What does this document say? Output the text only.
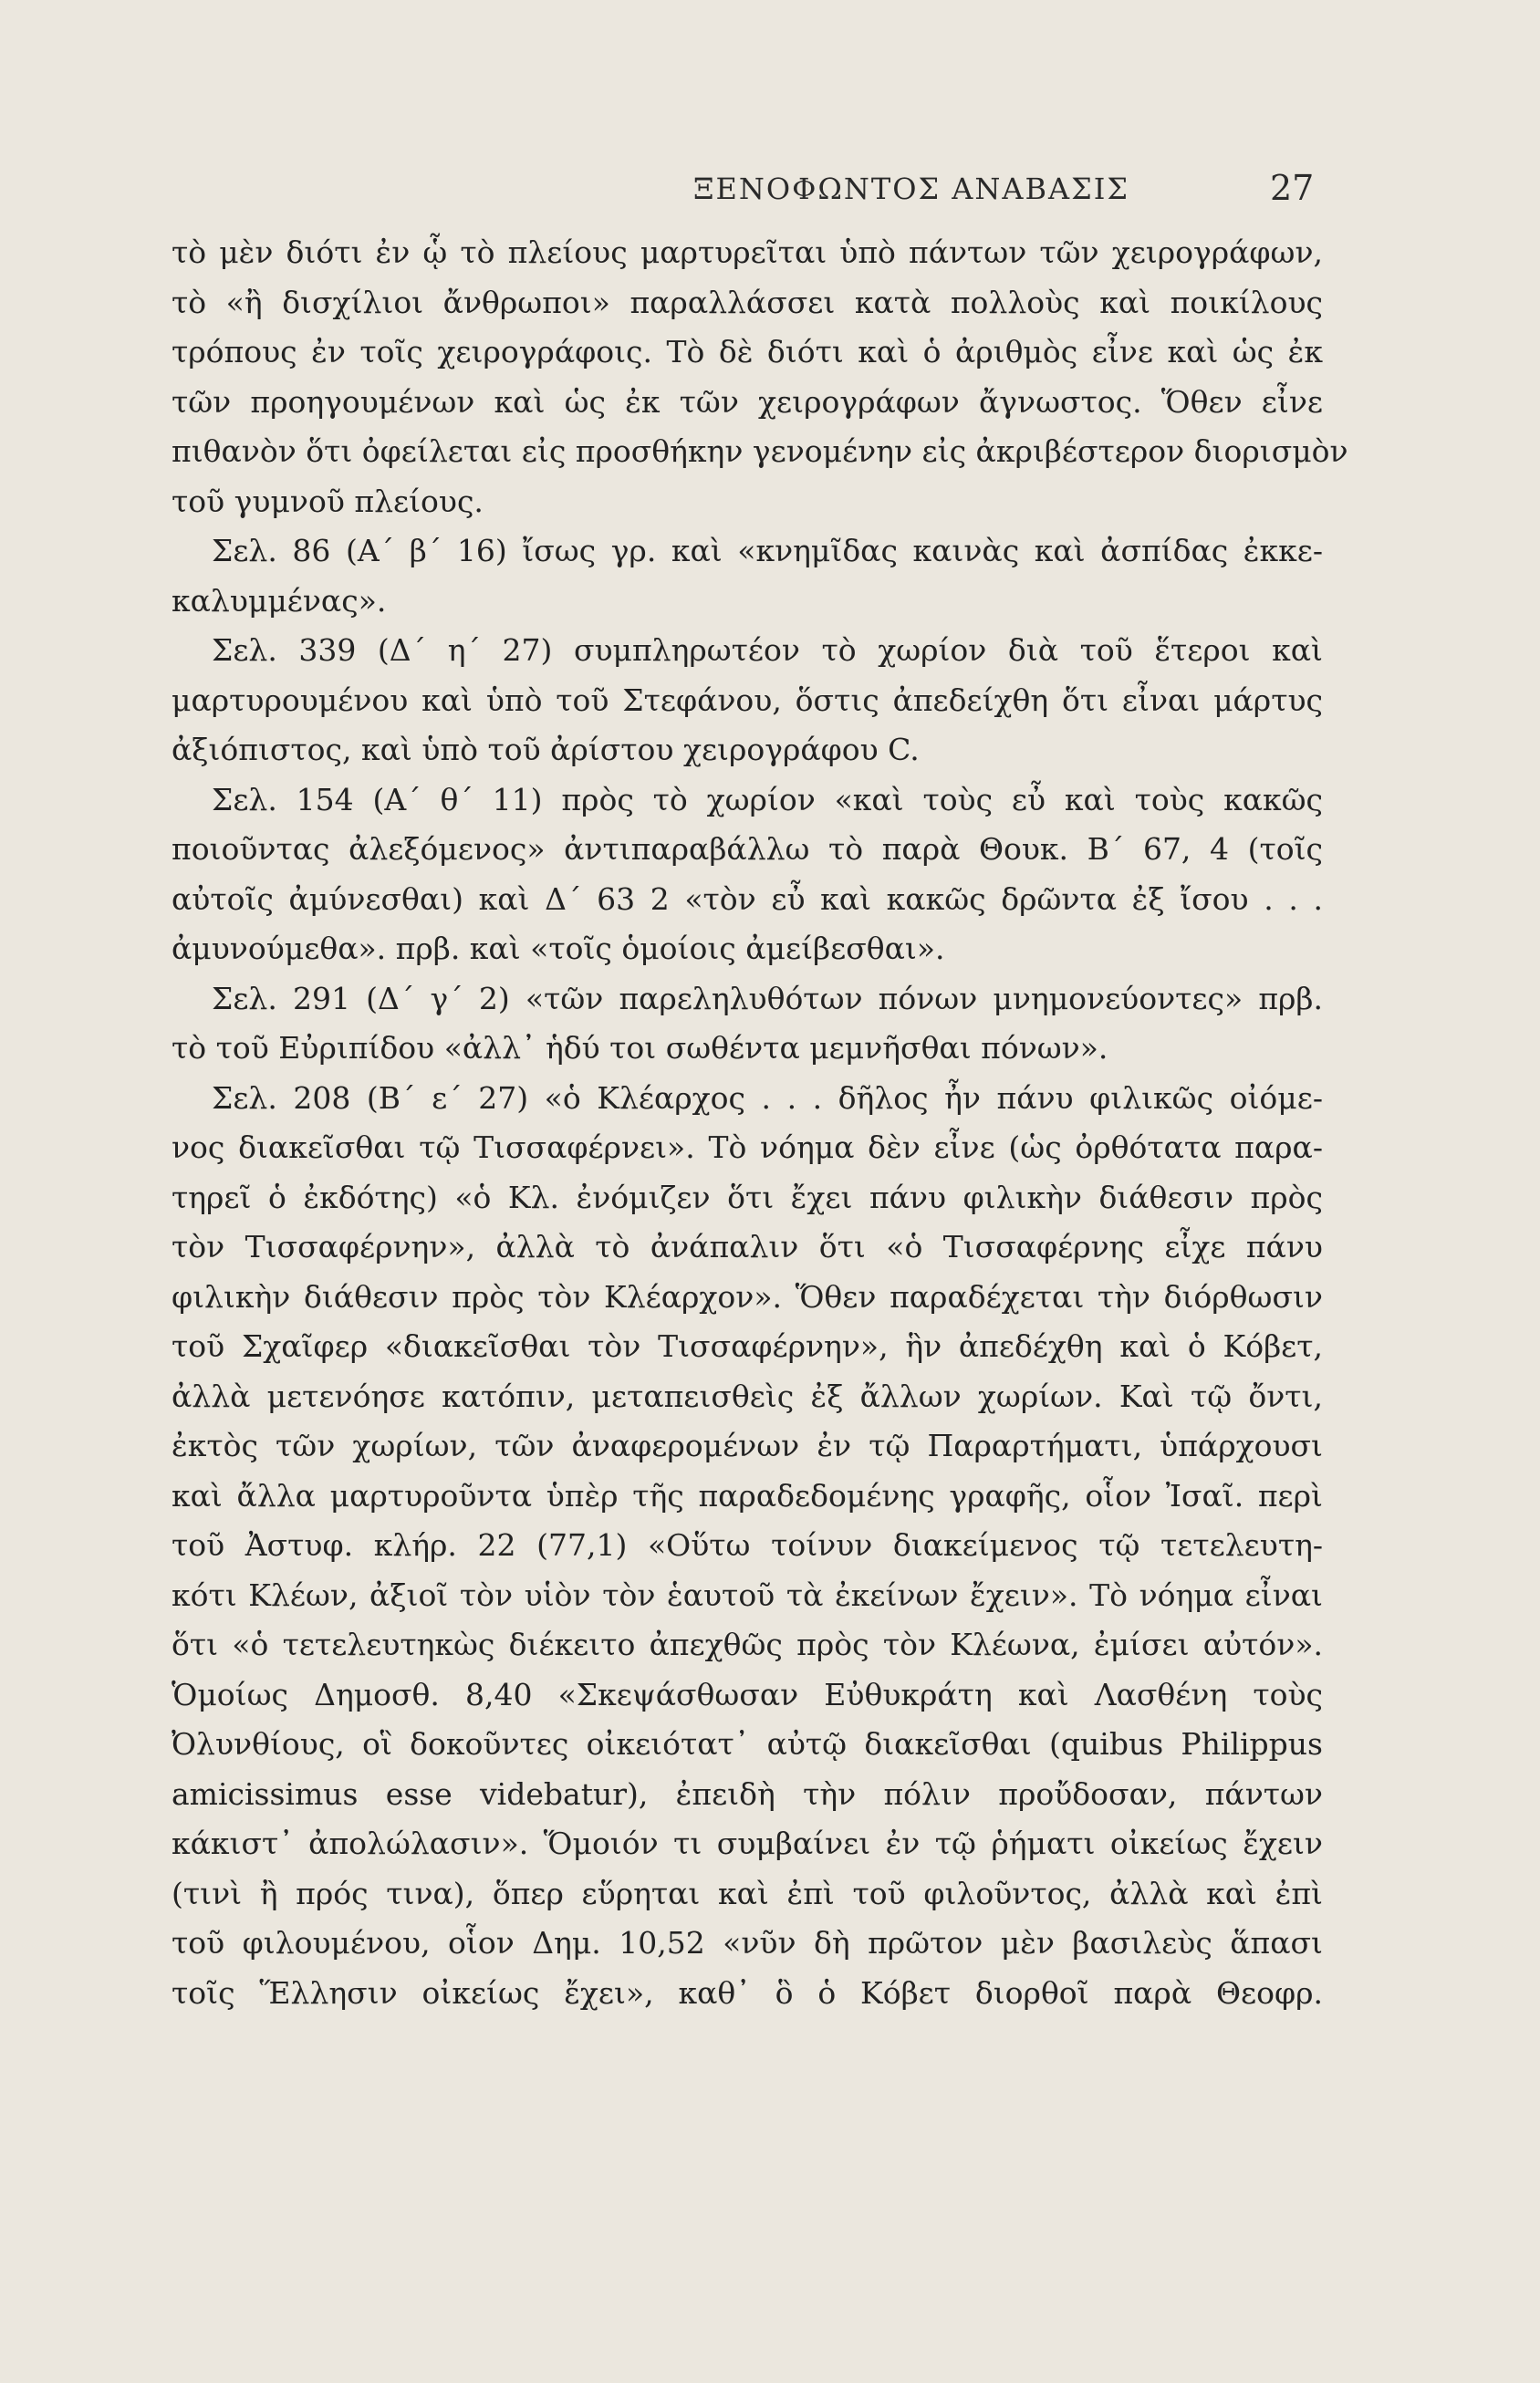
ΞΕΝΟΦΩΝΤΟΣ ΑΝΑΒΑΣΙΣ	27
τὸ μὲν διότι ἐν ᾧ τὸ πλείους μαρτυρεῖται ὑπὸ πάντων τῶν χειρογράφων,
τὸ «ἢ δισχίλιοι ἄνθρωποι» παραλλάσσει κατὰ πολλοὺς καὶ ποικίλους
τρόπους ἐν τοῖς χειρογράφοις. Τὸ δὲ διότι καὶ ὁ ἀριθμὸς εἶνε καὶ ὡς ἐκ
τῶν προηγουμένων καὶ ὡς ἐκ τῶν χειρογράφων ἄγνωστος. Ὅθεν εἶνε
πιθανὸν ὅτι ὀφείλεται εἰς προσθήκην γενομένην εἰς ἀκριβέστερον διορισμὸν
τοῦ γυμνοῦ πλείους.
Σελ. 86 (Α´ β´ 16) ἴσως γρ. καὶ «κνημῖδας καινὰς καὶ ἀσπίδας ἐκκε-
καλυμμένας».
Σελ. 339 (Δ´ η´ 27) συμπληρωτέον τὸ χωρίον διὰ τοῦ ἕτεροι καὶ
μαρτυρουμένου καὶ ὑπὸ τοῦ Στεφάνου, ὅστις ἀπεδείχθη ὅτι εἶναι μάρτυς
ἀξιόπιστος, καὶ ὑπὸ τοῦ ἀρίστου χειρογράφου C.
Σελ. 154 (Α´ θ´ 11) πρὸς τὸ χωρίον «καὶ τοὺς εὖ καὶ τοὺς κακῶς
ποιοῦντας ἀλεξόμενος» ἀντιπαραβάλλω τὸ παρὰ Θουκ. Β´ 67, 4 (τοῖς
αὐτοῖς ἀμύνεσθαι) καὶ Δ´ 63 2 «τὸν εὖ καὶ κακῶς δρῶντα ἐξ ἴσου . . .
ἀμυνούμεθα». πρβ. καὶ «τοῖς ὁμοίοις ἀμείβεσθαι».
Σελ. 291 (Δ´ γ´ 2) «τῶν παρεληλυθότων πόνων μνημονεύοντες» πρβ.
τὸ τοῦ Εὐριπίδου «ἀλλ᾽ ἡδύ τοι σωθέντα μεμνῆσθαι πόνων».
Σελ. 208 (Β´ ε´ 27) «ὁ Κλέαρχος . . . δῆλος ἦν πάνυ φιλικῶς οἰόμε-
νος διακεῖσθαι τῷ Τισσαφέρνει». Τὸ νόημα δὲν εἶνε (ὡς ὀρθότατα παρα-
τηρεῖ ὁ ἐκδότης) «ὁ Κλ. ἐνόμιζεν ὅτι ἔχει πάνυ φιλικὴν διάθεσιν πρὸς
τὸν Τισσαφέρνην», ἀλλὰ τὸ ἀνάπαλιν ὅτι «ὁ Τισσαφέρνης εἶχε πάνυ
φιλικὴν διάθεσιν πρὸς τὸν Κλέαρχον». Ὅθεν παραδέχεται τὴν διόρθωσιν
τοῦ Σχαῖφερ «διακεῖσθαι τὸν Τισσαφέρνην», ἣν ἀπεδέχθη καὶ ὁ Κόβετ,
ἀλλὰ μετενόησε κατόπιν, μεταπεισθεὶς ἐξ ἄλλων χωρίων. Καὶ τῷ ὄντι,
ἐκτὸς τῶν χωρίων, τῶν ἀναφερομένων ἐν τῷ Παραρτήματι, ὑπάρχουσι
καὶ ἄλλα μαρτυροῦντα ὑπὲρ τῆς παραδεδομένης γραφῆς, οἷον Ἰσαῖ. περὶ
τοῦ Ἀστυφ. κλήρ. 22 (77,1) «Οὕτω τοίνυν διακείμενος τῷ τετελευτη-
κότι Κλέων, ἀξιοῖ τὸν υἱὸν τὸν ἑαυτοῦ τὰ ἐκείνων ἔχειν». Τὸ νόημα εἶναι
ὅτι «ὁ τετελευτηκὼς διέκειτο ἀπεχθῶς πρὸς τὸν Κλέωνα, ἐμίσει αὐτόν».
Ὁμοίως Δημοσθ. 8,40 «Σκεψάσθωσαν Εὐθυκράτη καὶ Λασθένη τοὺς
Ὀλυνθίους, οἳ δοκοῦντες οἰκειότατ᾽ αὐτῷ διακεῖσθαι (quibus Philippus
amicissimus esse videbatur), ἐπειδὴ τὴν πόλιν προὔδοσαν, πάντων
κάκιστ᾽ ἀπολώλασιν». Ὅμοιόν τι συμβαίνει ἐν τῷ ῥήματι οἰκείως ἔχειν
(τινὶ ἢ πρός τινα), ὅπερ εὕρηται καὶ ἐπὶ τοῦ φιλοῦντος, ἀλλὰ καὶ ἐπὶ
τοῦ φιλουμένου, οἷον Δημ. 10,52 «νῦν δὴ πρῶτον μὲν βασιλεὺς ἅπασι
τοῖς Ἕλλησιν οἰκείως ἔχει», καθ᾽ ὃ ὁ Κόβετ διορθοῖ παρὰ Θεοφρ.
